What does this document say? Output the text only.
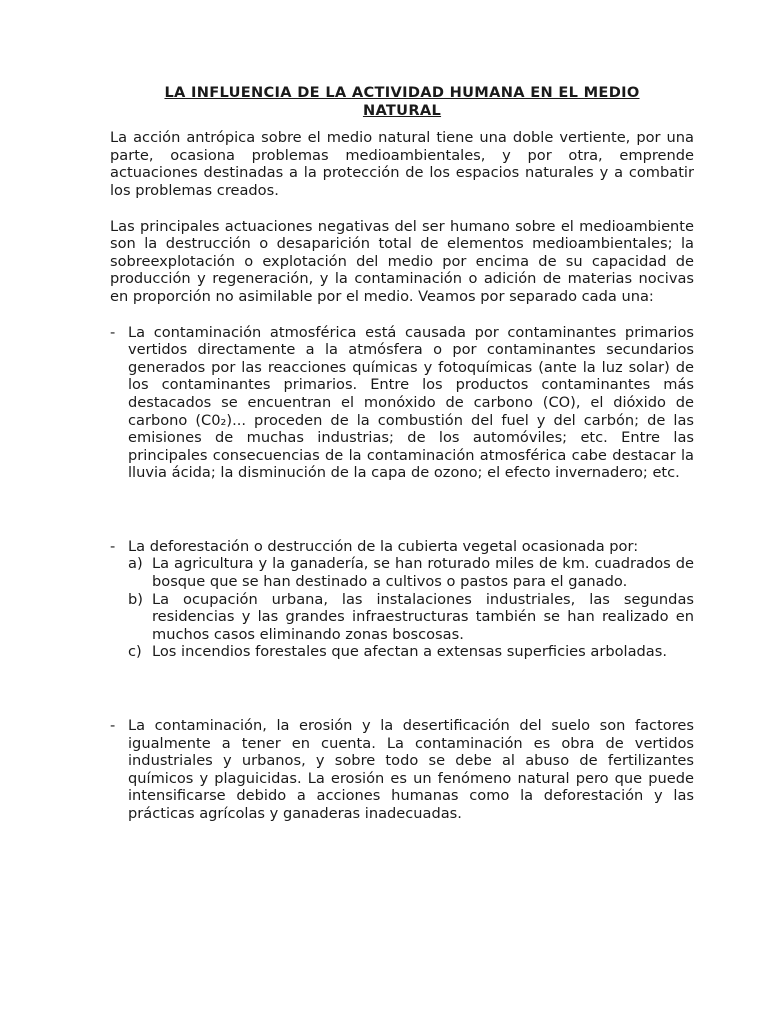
LA INFLUENCIA DE LA ACTIVIDAD HUMANA EN EL MEDIO
NATURAL

La acción antrópica sobre el medio natural tiene una doble vertiente, por una parte, ocasiona problemas medioambientales, y por otra, emprende actuaciones destinadas a la protección de los espacios naturales y a combatir los problemas creados.

Las principales actuaciones negativas del ser humano sobre el medioambiente son la destrucción o desaparición total de elementos medioambientales; la sobreexplotación o explotación del medio por encima de su capacidad de producción y regeneración, y la contaminación o adición de materias nocivas en proporción no asimilable por el medio. Veamos por separado cada una:

- La contaminación atmosférica está causada por contaminantes primarios vertidos directamente a la atmósfera o por contaminantes secundarios generados por las reacciones químicas y fotoquímicas (ante la luz solar) de los contaminantes primarios. Entre los productos contaminantes más destacados se encuentran el monóxido de carbono (CO), el dióxido de carbono (C0₂)... proceden de la combustión del fuel y del carbón; de las emisiones de muchas industrias; de los automóviles; etc. Entre las principales consecuencias de la contaminación atmosférica cabe destacar la lluvia ácida; la disminución de la capa de ozono; el efecto invernadero; etc.
- La deforestación o destrucción de la cubierta vegetal ocasionada por:
a) La agricultura y la ganadería, se han roturado miles de km. cuadrados de bosque que se han destinado a cultivos o pastos para el ganado.
b) La ocupación urbana, las instalaciones industriales, las segundas residencias y las grandes infraestructuras también se han realizado en muchos casos eliminando zonas boscosas.
c) Los incendios forestales que afectan a extensas superficies arboladas.
- La contaminación, la erosión y la desertificación del suelo son factores igualmente a tener en cuenta. La contaminación es obra de vertidos industriales y urbanos, y sobre todo se debe al abuso de fertilizantes químicos y plaguicidas. La erosión es un fenómeno natural pero que puede intensificarse debido a acciones humanas como la deforestación y las prácticas agrícolas y ganaderas inadecuadas.
